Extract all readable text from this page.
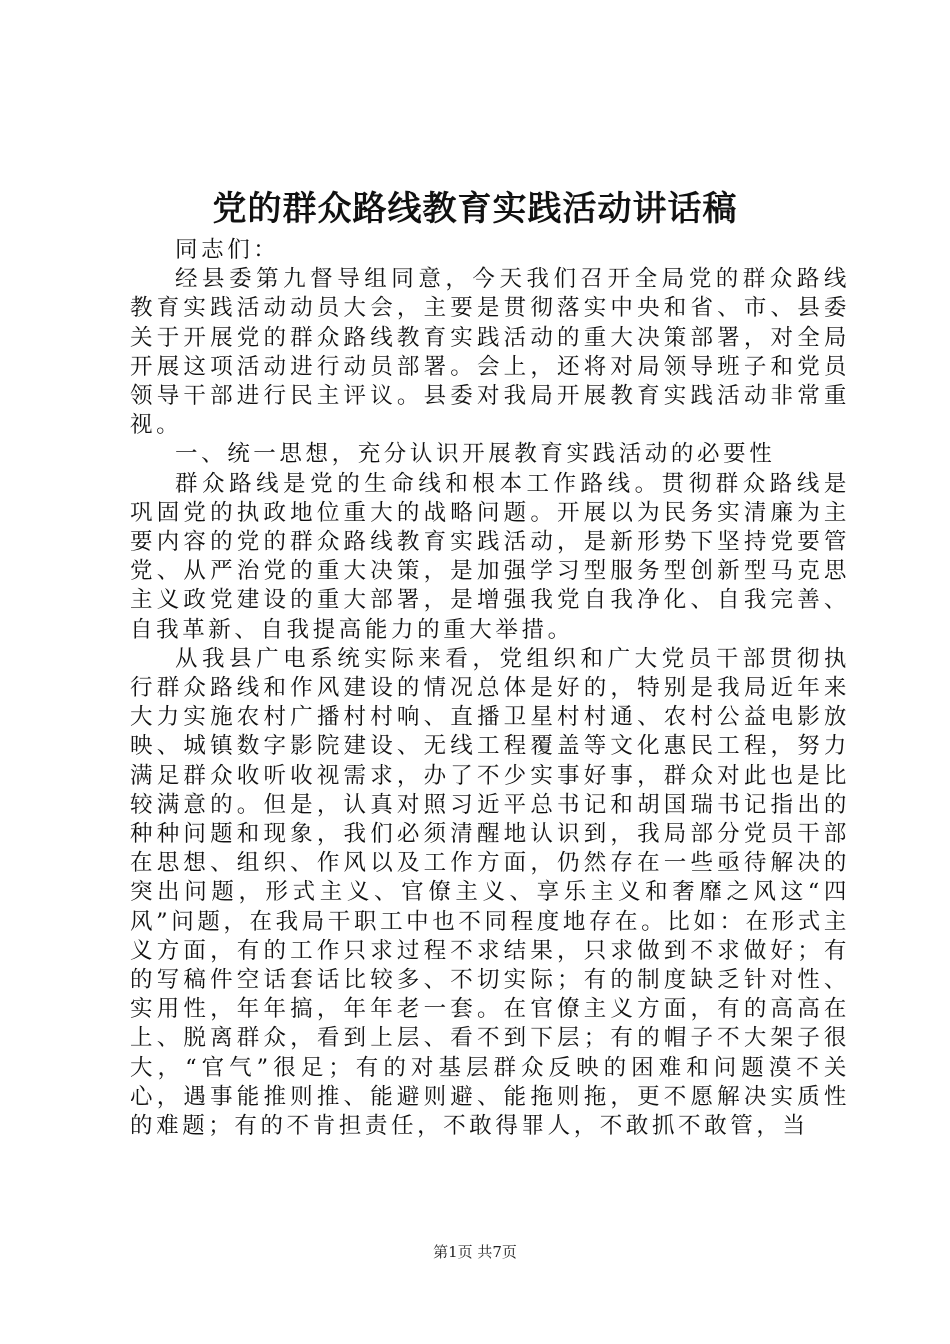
党的群众路线教育实践活动讲话稿

同志们：

经县委第九督导组同意，今天我们召开全局党的群众路线教育实践活动动员大会，主要是贯彻落实中央和省、市、县委关于开展党的群众路线教育实践活动的重大决策部署，对全局开展这项活动进行动员部署。会上，还将对局领导班子和党员领导干部进行民主评议。县委对我局开展教育实践活动非常重视。

一、统一思想，充分认识开展教育实践活动的必要性

群众路线是党的生命线和根本工作路线。贯彻群众路线是巩固党的执政地位重大的战略问题。开展以为民务实清廉为主要内容的党的群众路线教育实践活动，是新形势下坚持党要管党、从严治党的重大决策，是加强学习型服务型创新型马克思主义政党建设的重大部署，是增强我党自我净化、自我完善、自我革新、自我提高能力的重大举措。

从我县广电系统实际来看，党组织和广大党员干部贯彻执行群众路线和作风建设的情况总体是好的，特别是我局近年来大力实施农村广播村村响、直播卫星村村通、农村公益电影放映、城镇数字影院建设、无线工程覆盖等文化惠民工程，努力满足群众收听收视需求，办了不少实事好事，群众对此也是比较满意的。但是，认真对照习近平总书记和胡国瑞书记指出的种种问题和现象，我们必须清醒地认识到，我局部分党员干部在思想、组织、作风以及工作方面，仍然存在一些亟待解决的突出问题，形式主义、官僚主义、享乐主义和奢靡之风这“四风”问题，在我局干职工中也不同程度地存在。比如：在形式主义方面，有的工作只求过程不求结果，只求做到不求做好；有的写稿件空话套话比较多、不切实际；有的制度缺乏针对性、实用性，年年搞，年年老一套。在官僚主义方面，有的高高在上、脱离群众，看到上层、看不到下层；有的帽子不大架子很大，“官气”很足；有的对基层群众反映的困难和问题漠不关心，遇事能推则推、能避则避、能拖则拖，更不愿解决实质性的难题；有的不肯担责任，不敢得罪人，不敢抓不敢管，当

第1页 共7页
